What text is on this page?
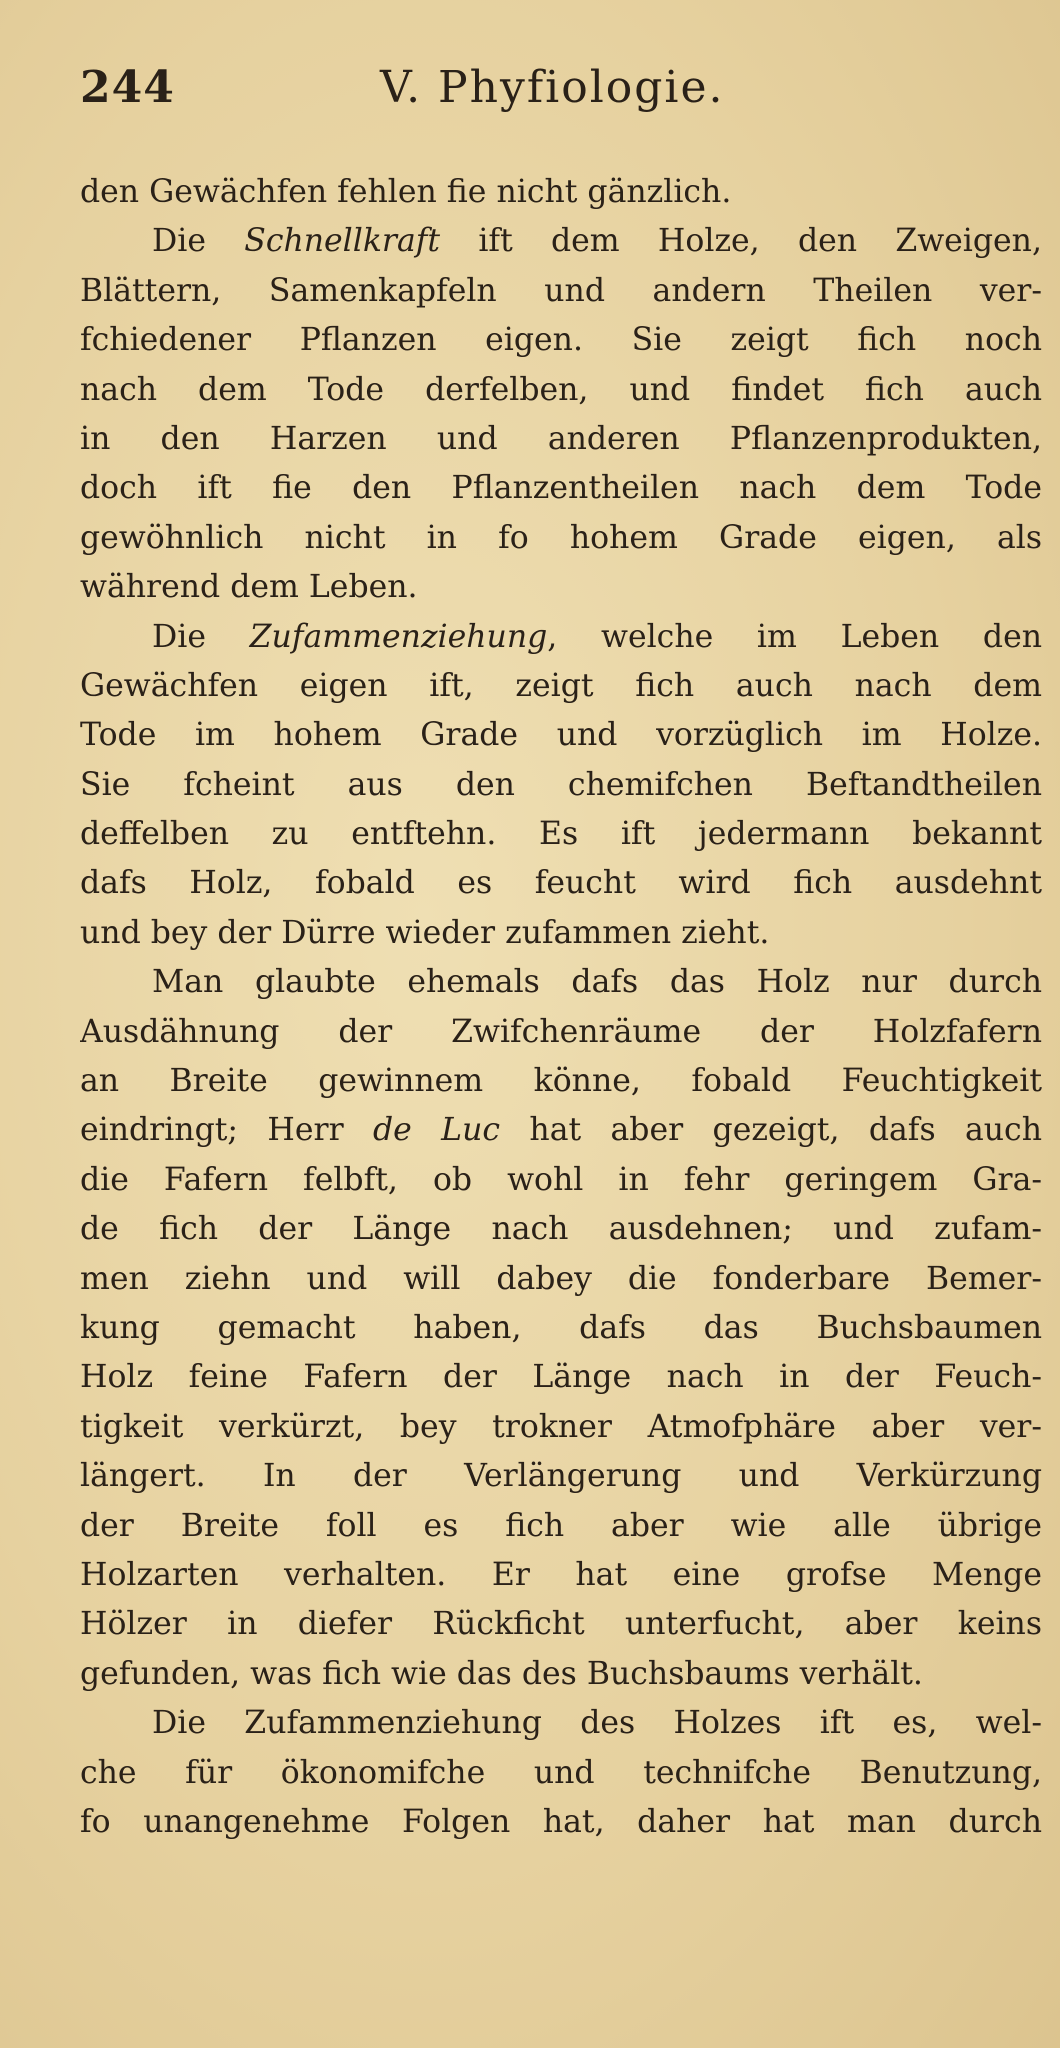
244	V. Phyfiologie.
den Gewächfen fehlen fie nicht gänzlich.
Die Schnellkraft ift dem Holze, den Zweigen,
Blättern, Samenkapfeln und andern Theilen ver-
fchiedener Pflanzen eigen. Sie zeigt fich noch
nach dem Tode derfelben, und findet fich auch
in den Harzen und anderen Pflanzenprodukten,
doch ift fie den Pflanzentheilen nach dem Tode
gewöhnlich nicht in fo hohem Grade eigen, als
während dem Leben.
Die Zufammenziehung, welche im Leben den
Gewächfen eigen ift, zeigt fich auch nach dem
Tode im hohem Grade und vorzüglich im Holze.
Sie fcheint aus den chemifchen Beftandtheilen
deffelben zu entftehn. Es ift jedermann bekannt
dafs Holz, fobald es feucht wird fich ausdehnt
und bey der Dürre wieder zufammen zieht.
Man glaubte ehemals dafs das Holz nur durch
Ausdähnung der Zwifchenräume der Holzfafern
an Breite gewinnem könne, fobald Feuchtigkeit
eindringt; Herr de Luc hat aber gezeigt, dafs auch
die Fafern felbft, ob wohl in fehr geringem Gra-
de fich der Länge nach ausdehnen; und zufam-
men ziehn und will dabey die fonderbare Bemer-
kung gemacht haben, dafs das Buchsbaumen
Holz feine Fafern der Länge nach in der Feuch-
tigkeit verkürzt, bey trokner Atmofphäre aber ver-
längert. In der Verlängerung und Verkürzung
der Breite foll es fich aber wie alle übrige
Holzarten verhalten. Er hat eine grofse Menge
Hölzer in diefer Rückficht unterfucht, aber keins
gefunden, was fich wie das des Buchsbaums verhält.
Die Zufammenziehung des Holzes ift es, wel-
che für ökonomifche und technifche Benutzung,
fo unangenehme Folgen hat, daher hat man durch
